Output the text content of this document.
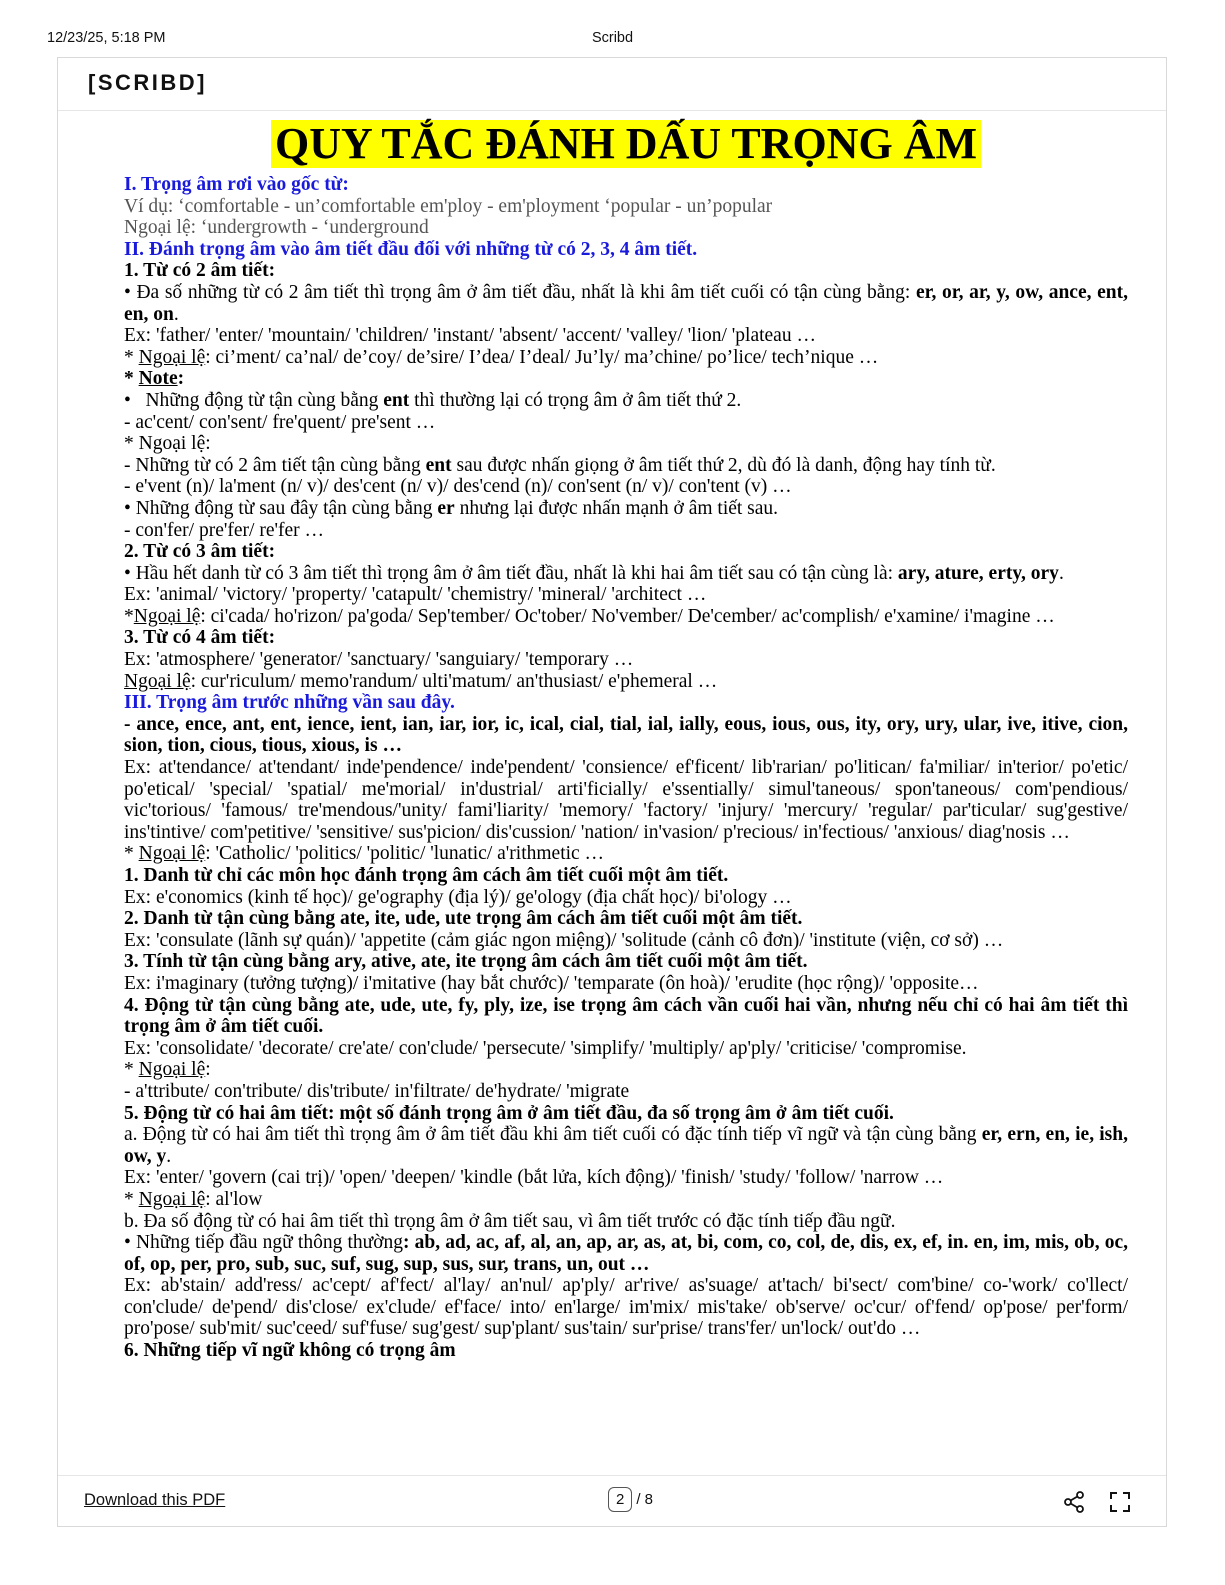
12/23/25, 5:18 PM	Scribd
[SCRIBD]
QUY TẮC ĐÁNH DẤU TRỌNG ÂM

I. Trọng âm rơi vào gốc từ:

Ví dụ: ‘comfortable - un’comfortable em'ploy - em'ployment ‘popular - un’popular

Ngoại lệ: ‘undergrowth - ‘underground

II. Đánh trọng âm vào âm tiết đầu đối với những từ có 2, 3, 4 âm tiết.

1. Từ có 2 âm tiết:

• Đa số những từ có 2 âm tiết thì trọng âm ở âm tiết đầu, nhất là khi âm tiết cuối có tận cùng bằng: er, or, ar, y, ow, ance, ent, en, on.

Ex: 'father/ 'enter/ 'mountain/ 'children/ 'instant/ 'absent/ 'accent/ 'valley/ 'lion/ 'plateau …

* Ngoại lệ: ci’ment/ ca’nal/ de’coy/ de’sire/ I’dea/ I’deal/ Ju’ly/ ma’chine/ po’lice/ tech’nique …

* Note:

•   Những động từ tận cùng bằng ent thì thường lại có trọng âm ở âm tiết thứ 2.

- ac'cent/ con'sent/ fre'quent/ pre'sent …

* Ngoại lệ:

- Những từ có 2 âm tiết tận cùng bằng ent sau được nhấn giọng ở âm tiết thứ 2, dù đó là danh, động hay tính từ.

- e'vent (n)/ la'ment (n/ v)/ des'cent (n/ v)/ des'cend (n)/ con'sent (n/ v)/ con'tent (v) …

• Những động từ sau đây tận cùng bằng er nhưng lại được nhấn mạnh ở âm tiết sau.

- con'fer/ pre'fer/ re'fer …

2. Từ có 3 âm tiết:

• Hầu hết danh từ có 3 âm tiết thì trọng âm ở âm tiết đầu, nhất là khi hai âm tiết sau có tận cùng là: ary, ature, erty, ory.

Ex: 'animal/ 'victory/ 'property/ 'catapult/ 'chemistry/ 'mineral/ 'architect …

*Ngoại lệ: ci'cada/ ho'rizon/ pa'goda/ Sep'tember/ Oc'tober/ No'vember/ De'cember/ ac'complish/ e'xamine/ i'magine …

3. Từ có 4 âm tiết:

Ex: 'atmosphere/ 'generator/ 'sanctuary/ 'sanguiary/ 'temporary …

Ngoại lệ: cur'riculum/ memo'randum/ ulti'matum/ an'thusiast/ e'phemeral …

III. Trọng âm trước những vần sau đây.

- ance, ence, ant, ent, ience, ient, ian, iar, ior, ic, ical, cial, tial, ial, ially, eous, ious, ous, ity, ory, ury, ular, ive, itive, cion, sion, tion, cious, tious, xious, is …

Ex: at'tendance/ at'tendant/ inde'pendence/ inde'pendent/ 'consience/ ef'ficent/ lib'rarian/ po'litican/ fa'miliar/ in'terior/ po'etic/ po'etical/ 'special/ 'spatial/ me'morial/ in'dustrial/ arti'ficially/ e'ssentially/ simul'taneous/ spon'taneous/ com'pendious/ vic'torious/ 'famous/ tre'mendous/'unity/ fami'liarity/ 'memory/ 'factory/ 'injury/ 'mercury/ 'regular/ par'ticular/ sug'gestive/ ins'tintive/ com'petitive/ 'sensitive/ sus'picion/ dis'cussion/ 'nation/ in'vasion/ p'recious/ in'fectious/ 'anxious/ diag'nosis …

* Ngoại lệ: 'Catholic/ 'politics/ 'politic/ 'lunatic/ a'rithmetic …

1. Danh từ chỉ các môn học đánh trọng âm cách âm tiết cuối một âm tiết.

Ex: e'conomics (kinh tế học)/ ge'ography (địa lý)/ ge'ology (địa chất học)/ bi'ology …

2. Danh từ tận cùng bằng ate, ite, ude, ute trọng âm cách âm tiết cuối một âm tiết.

Ex: 'consulate (lãnh sự quán)/ 'appetite (cảm giác ngon miệng)/ 'solitude (cảnh cô đơn)/ 'institute (viện, cơ sở) …

3. Tính từ tận cùng bằng ary, ative, ate, ite trọng âm cách âm tiết cuối một âm tiết.

Ex: i'maginary (tưởng tượng)/ i'mitative (hay bắt chước)/ 'temparate (ôn hoà)/ 'erudite (học rộng)/ 'opposite…

4. Động từ tận cùng bằng ate, ude, ute, fy, ply, ize, ise trọng âm cách vần cuối hai vần, nhưng nếu chỉ có hai âm tiết thì trọng âm ở âm tiết cuối.

Ex: 'consolidate/ 'decorate/ cre'ate/ con'clude/ 'persecute/ 'simplify/ 'multiply/ ap'ply/ 'criticise/ 'compromise.

* Ngoại lệ:

- a'ttribute/ con'tribute/ dis'tribute/ in'filtrate/ de'hydrate/ 'migrate

5. Động từ có hai âm tiết: một số đánh trọng âm ở âm tiết đầu, đa số trọng âm ở âm tiết cuối.

a. Động từ có hai âm tiết thì trọng âm ở âm tiết đầu khi âm tiết cuối có đặc tính tiếp vĩ ngữ và tận cùng bằng er, ern, en, ie, ish, ow, y.

Ex: 'enter/ 'govern (cai trị)/ 'open/ 'deepen/ 'kindle (bắt lửa, kích động)/ 'finish/ 'study/ 'follow/ 'narrow …

* Ngoại lệ: al'low

b. Đa số động từ có hai âm tiết thì trọng âm ở âm tiết sau, vì âm tiết trước có đặc tính tiếp đầu ngữ.

• Những tiếp đầu ngữ thông thường: ab, ad, ac, af, al, an, ap, ar, as, at, bi, com, co, col, de, dis, ex, ef, in. en, im, mis, ob, oc, of, op, per, pro, sub, suc, suf, sug, sup, sus, sur, trans, un, out …

Ex: ab'stain/ add'ress/ ac'cept/ af'fect/ al'lay/ an'nul/ ap'ply/ ar'rive/ as'suage/ at'tach/ bi'sect/ com'bine/ co-'work/ co'llect/ con'clude/ de'pend/ dis'close/ ex'clude/ ef'face/ into/ en'large/ im'mix/ mis'take/ ob'serve/ oc'cur/ of'fend/ op'pose/ per'form/ pro'pose/ sub'mit/ suc'ceed/ suf'fuse/ sug'gest/ sup'plant/ sus'tain/ sur'prise/ trans'fer/ un'lock/ out'do …

6. Những tiếp vĩ ngữ không có trọng âm

Download this PDF	2 / 8
